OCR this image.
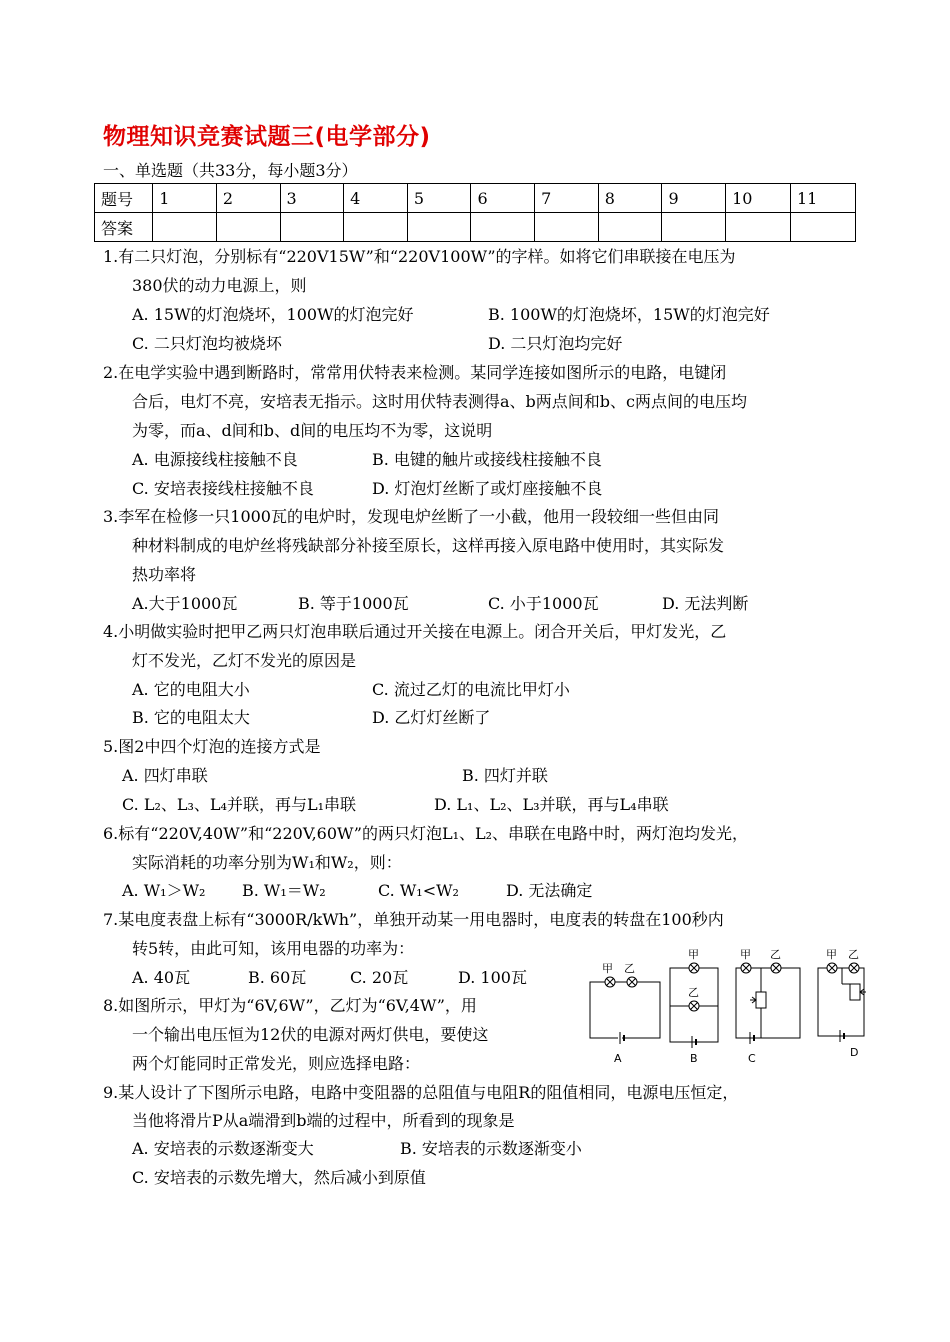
物理知识竞赛试题三(电学部分)
一、单选题（共33分，每小题3分）
题号	1	2	3	4	5	6	7	8	9	10	11
答案											
1.有二只灯泡，分别标有“220V15W”和“220V100W”的字样。如将它们串联接在电压为
380伏的动力电源上，则
A. 15W的灯泡烧坏，100W的灯泡完好	B. 100W的灯泡烧坏，15W的灯泡完好
C. 二只灯泡均被烧坏	D. 二只灯泡均完好
2.在电学实验中遇到断路时，常常用伏特表来检测。某同学连接如图所示的电路，电键闭
合后，电灯不亮，安培表无指示。这时用伏特表测得a、b两点间和b、c两点间的电压均
为零，而a、d间和b、d间的电压均不为零，这说明
A. 电源接线柱接触不良	B. 电键的触片或接线柱接触不良
C. 安培表接线柱接触不良	D. 灯泡灯丝断了或灯座接触不良
3.李军在检修一只1000瓦的电炉时，发现电炉丝断了一小截，他用一段较细一些但由同
种材料制成的电炉丝将残缺部分补接至原长，这样再接入原电路中使用时，其实际发
热功率将
A.大于1000瓦	B. 等于1000瓦	C. 小于1000瓦	D. 无法判断
4.小明做实验时把甲乙两只灯泡串联后通过开关接在电源上。闭合开关后，甲灯发光，乙
灯不发光，乙灯不发光的原因是
A. 它的电阻大小	C. 流过乙灯的电流比甲灯小
B. 它的电阻太大	D. 乙灯灯丝断了
5.图2中四个灯泡的连接方式是
A. 四灯串联	B. 四灯并联
C. L₂、L₃、L₄并联，再与L₁串联	D. L₁、L₂、L₃并联，再与L₄串联
6.标有“220V,40W”和“220V,60W”的两只灯泡L₁、L₂、串联在电路中时，两灯泡均发光，
实际消耗的功率分别为W₁和W₂，则：
A. W₁＞W₂ B. W₁＝W₂	C. W₁<W₂	D. 无法确定
7.某电度表盘上标有“3000R/kWh”，单独开动某一用电器时，电度表的转盘在100秒内
转5转，由此可知，该用电器的功率为：
A. 40瓦	B. 60瓦	C. 20瓦	D. 100瓦
8.如图所示，甲灯为“6V,6W”，乙灯为“6V,4W”，用
一个输出电压恒为12伏的电源对两灯供电，要使这
两个灯能同时正常发光，则应选择电路：
甲 乙
甲
乙
甲 乙	甲 乙
A	B	C	D
9.某人设计了下图所示电路，电路中变阻器的总阻值与电阻R的阻值相同，电源电压恒定，
当他将滑片P从a端滑到b端的过程中，所看到的现象是
A. 安培表的示数逐渐变大	B. 安培表的示数逐渐变小
C. 安培表的示数先增大，然后减小到原值
